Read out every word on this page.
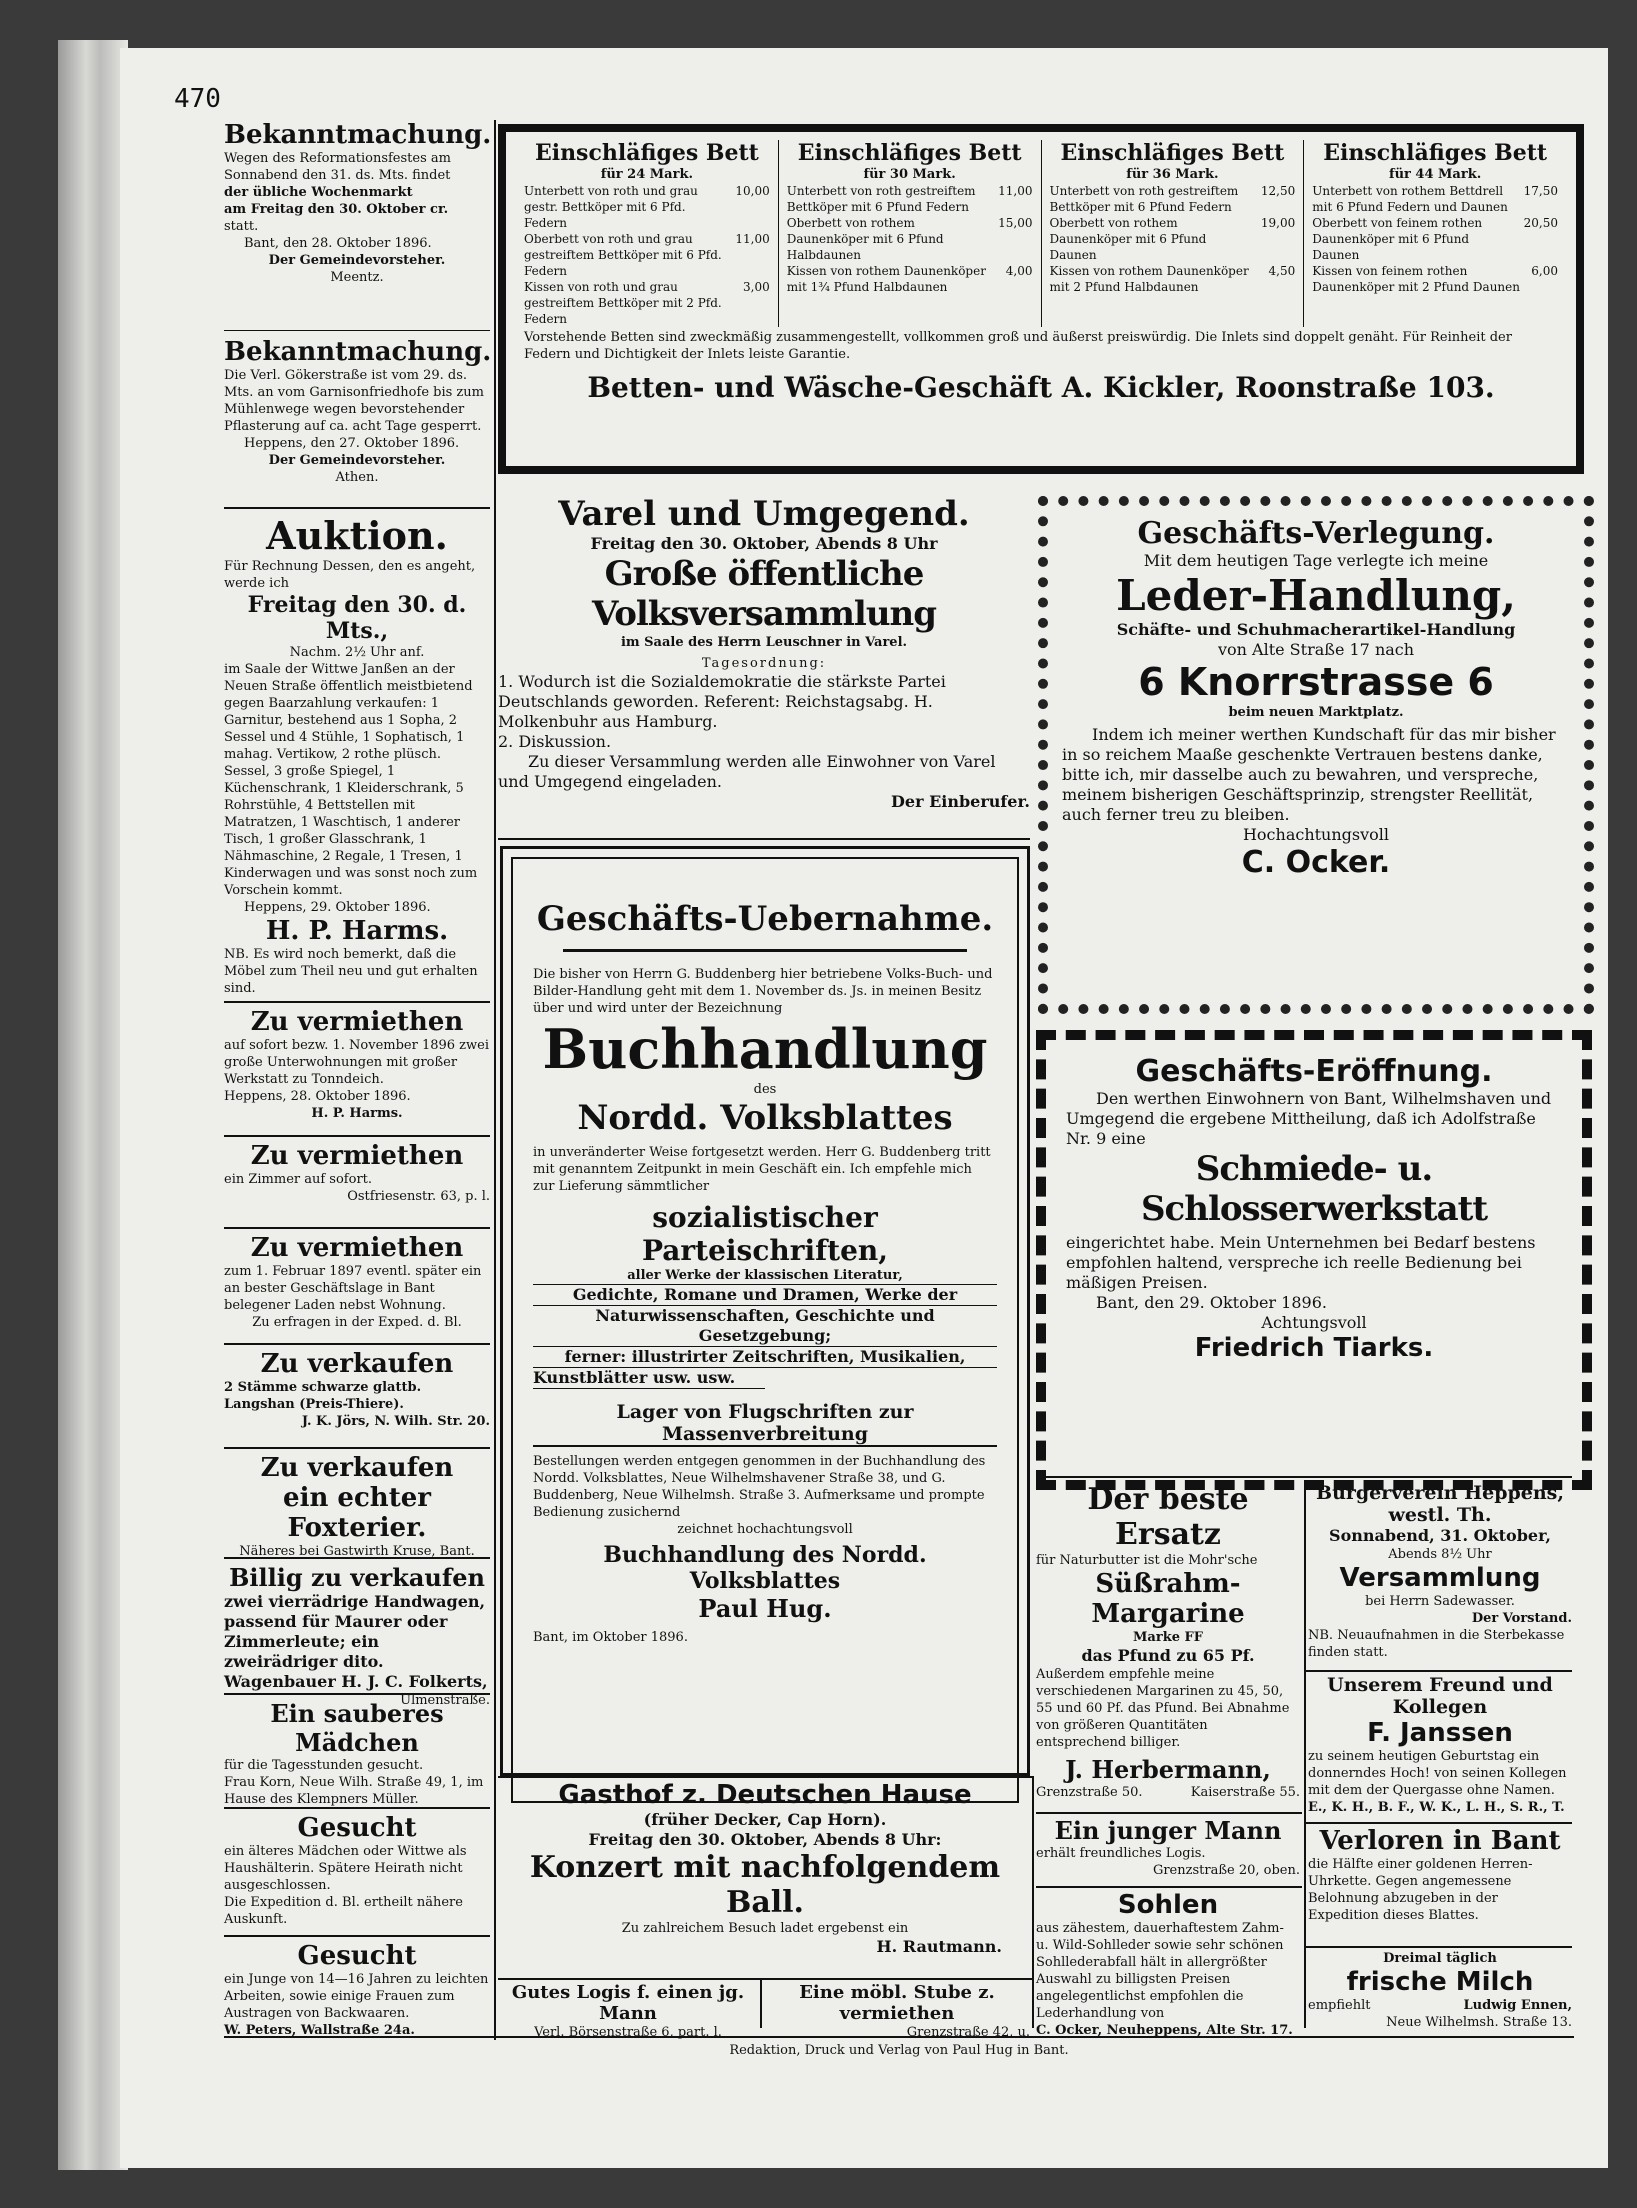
470
Bekanntmachung.
Wegen des Reformationsfestes am Sonnabend den 31. ds. Mts. findet
der übliche Wochenmarkt
am Freitag den 30. Oktober cr.
statt.
Bant, den 28. Oktober 1896.
Der Gemeindevorsteher.
Meentz.
Bekanntmachung.
Die Verl. Gökerstraße ist vom 29. ds. Mts. an vom Garnisonfriedhofe bis zum Mühlenwege wegen bevorstehender Pflasterung auf ca. acht Tage gesperrt.
Heppens, den 27. Oktober 1896.
Der Gemeindevorsteher.
Athen.
Auktion.
Für Rechnung Dessen, den es angeht, werde ich
Freitag den 30. d. Mts.,
Nachm. 2½ Uhr anf.
im Saale der Wittwe Janßen an der Neuen Straße öffentlich meistbietend gegen Baarzahlung verkaufen: 1 Garnitur, bestehend aus 1 Sopha, 2 Sessel und 4 Stühle, 1 Sophatisch, 1 mahag. Vertikow, 2 rothe plüsch. Sessel, 3 große Spiegel, 1 Küchenschrank, 1 Kleiderschrank, 5 Rohrstühle, 4 Bettstellen mit Matratzen, 1 Waschtisch, 1 anderer Tisch, 1 großer Glasschrank, 1 Nähmaschine, 2 Regale, 1 Tresen, 1 Kinderwagen und was sonst noch zum Vorschein kommt.
Heppens, 29. Oktober 1896.
H. P. Harms.
NB. Es wird noch bemerkt, daß die Möbel zum Theil neu und gut erhalten sind.
Zu vermiethen
auf sofort bezw. 1. November 1896 zwei große Unterwohnungen mit großer Werkstatt zu Tonndeich.
Heppens, 28. Oktober 1896.
H. P. Harms.
Zu vermiethen
ein Zimmer auf sofort.
Ostfriesenstr. 63, p. l.
Zu vermiethen
zum 1. Februar 1897 eventl. später ein an bester Geschäftslage in Bant belegener Laden nebst Wohnung.
Zu erfragen in der Exped. d. Bl.
Zu verkaufen
2 Stämme schwarze glattb. Langshan (Preis-Thiere).
J. K. Jörs, N. Wilh. Str. 20.
Zu verkaufen
ein echter Foxterier.
Näheres bei Gastwirth Kruse, Bant.
Billig zu verkaufen
zwei vierrädrige Handwagen, passend für Maurer oder Zimmerleute; ein zweirädriger dito.
Wagenbauer H. J. C. Folkerts,
Ulmenstraße.
Ein sauberes Mädchen
für die Tagesstunden gesucht.
Frau Korn, Neue Wilh. Straße 49, 1, im Hause des Klempners Müller.
Gesucht
ein älteres Mädchen oder Wittwe als Haushälterin. Spätere Heirath nicht ausgeschlossen.
Die Expedition d. Bl. ertheilt nähere Auskunft.
Gesucht
ein Junge von 14—16 Jahren zu leichten Arbeiten, sowie einige Frauen zum Austragen von Backwaaren.
W. Peters, Wallstraße 24a.
Einschläfiges Bett
für 24 Mark.
Unterbett von roth und grau gestr. Bettköper mit 6 Pfd. Federn
10,00
Oberbett von roth und grau gestreiftem Bettköper mit 6 Pfd. Federn
11,00
Kissen von roth und grau gestreiftem Bettköper mit 2 Pfd. Federn
3,00
Einschläfiges Bett
für 30 Mark.
Unterbett von roth gestreiftem Bettköper mit 6 Pfund Federn
11,00
Oberbett von rothem Daunenköper mit 6 Pfund Halbdaunen
15,00
Kissen von rothem Daunenköper mit 1¾ Pfund Halbdaunen
4,00
Einschläfiges Bett
für 36 Mark.
Unterbett von roth gestreiftem Bettköper mit 6 Pfund Federn
12,50
Oberbett von rothem Daunenköper mit 6 Pfund Daunen
19,00
Kissen von rothem Daunenköper mit 2 Pfund Halbdaunen
4,50
Einschläfiges Bett
für 44 Mark.
Unterbett von rothem Bettdrell mit 6 Pfund Federn und Daunen
17,50
Oberbett von feinem rothen Daunenköper mit 6 Pfund Daunen
20,50
Kissen von feinem rothen Daunenköper mit 2 Pfund Daunen
6,00
Vorstehende Betten sind zweckmäßig zusammengestellt, vollkommen groß und äußerst preiswürdig. Die Inlets sind doppelt genäht. Für Reinheit der Federn und Dichtigkeit der Inlets leiste Garantie.
Betten- und Wäsche-Geschäft A. Kickler, Roonstraße 103.
Varel und Umgegend.
Freitag den 30. Oktober, Abends 8 Uhr
Große öffentliche Volksversammlung
im Saale des Herrn Leuschner in Varel.
Tagesordnung:
1. Wodurch ist die Sozialdemokratie die stärkste Partei Deutschlands geworden. Referent: Reichstagsabg. H. Molkenbuhr aus Hamburg.
2. Diskussion.
Zu dieser Versammlung werden alle Einwohner von Varel und Umgegend eingeladen.
Der Einberufer.
Geschäfts-Uebernahme.
Die bisher von Herrn G. Buddenberg hier betriebene Volks-Buch- und Bilder-Handlung geht mit dem 1. November ds. Js. in meinen Besitz über und wird unter der Bezeichnung
Buchhandlung
des
Nordd. Volksblattes
in unveränderter Weise fortgesetzt werden. Herr G. Buddenberg tritt mit genanntem Zeitpunkt in mein Geschäft ein. Ich empfehle mich zur Lieferung sämmtlicher
sozialistischer Parteischriften,
aller Werke der klassischen Literatur,
Gedichte, Romane und Dramen, Werke der
Naturwissenschaften, Geschichte und Gesetzgebung;
ferner: illustrirter Zeitschriften, Musikalien,
Kunstblätter usw. usw.
Lager von Flugschriften zur Massenverbreitung
Bestellungen werden entgegen genommen in der Buchhandlung des Nordd. Volksblattes, Neue Wilhelmshavener Straße 38, und G. Buddenberg, Neue Wilhelmsh. Straße 3. Aufmerksame und prompte Bedienung zusichernd
zeichnet hochachtungsvoll
Buchhandlung des Nordd. Volksblattes
Paul Hug.
Bant, im Oktober 1896.
Geschäfts-Verlegung.
Mit dem heutigen Tage verlegte ich meine
Leder-Handlung,
Schäfte- und Schuhmacherartikel-Handlung
von Alte Straße 17 nach
6 Knorrstrasse 6
beim neuen Marktplatz.
Indem ich meiner werthen Kundschaft für das mir bisher in so reichem Maaße geschenkte Vertrauen bestens danke, bitte ich, mir dasselbe auch zu bewahren, und verspreche, meinem bisherigen Geschäftsprinzip, strengster Reellität, auch ferner treu zu bleiben.
Hochachtungsvoll
C. Ocker.
Geschäfts-Eröffnung.
Den werthen Einwohnern von Bant, Wilhelmshaven und Umgegend die ergebene Mittheilung, daß ich Adolfstraße Nr. 9 eine
Schmiede- u. Schlosserwerkstatt
eingerichtet habe. Mein Unternehmen bei Bedarf bestens empfohlen haltend, verspreche ich reelle Bedienung bei mäßigen Preisen.
Bant, den 29. Oktober 1896.
Achtungsvoll
Friedrich Tiarks.
Der beste Ersatz
für Naturbutter ist die Mohr'sche
Süßrahm-Margarine
Marke FF
das Pfund zu 65 Pf.
Außerdem empfehle meine verschiedenen Margarinen zu 45, 50, 55 und 60 Pf. das Pfund. Bei Abnahme von größeren Quantitäten entsprechend billiger.
J. Herbermann,
Grenzstraße 50.	Kaiserstraße 55.
Ein junger Mann
erhält freundliches Logis.
Grenzstraße 20, oben.
Sohlen
aus zähestem, dauerhaftestem Zahm- u. Wild-Sohlleder sowie sehr schönen Sohllederabfall hält in allergrößter Auswahl zu billigsten Preisen angelegentlichst empfohlen die Lederhandlung von
C. Ocker, Neuheppens, Alte Str. 17.
Bürgerverein Heppens, westl. Th.
Sonnabend, 31. Oktober,
Abends 8½ Uhr
Versammlung
bei Herrn Sadewasser.
Der Vorstand.
NB. Neuaufnahmen in die Sterbekasse finden statt.
Unserem Freund und Kollegen
F. Janssen
zu seinem heutigen Geburtstag ein donnerndes Hoch! von seinen Kollegen mit dem der Quergasse ohne Namen.
E., K. H., B. F., W. K., L. H., S. R., T.
Verloren in Bant
die Hälfte einer goldenen Herren-Uhrkette. Gegen angemessene Belohnung abzugeben in der Expedition dieses Blattes.
Dreimal täglich
frische Milch
empfiehlt	Ludwig Ennen,
Neue Wilhelmsh. Straße 13.
Gasthof z. Deutschen Hause
(früher Decker, Cap Horn).
Freitag den 30. Oktober, Abends 8 Uhr:
Konzert mit nachfolgendem Ball.
Zu zahlreichem Besuch ladet ergebenst ein
H. Rautmann.
Gutes Logis f. einen jg. Mann
Verl. Börsenstraße 6, part. l.
Eine möbl. Stube z. vermiethen
Grenzstraße 42, u.
Redaktion, Druck und Verlag von Paul Hug in Bant.
